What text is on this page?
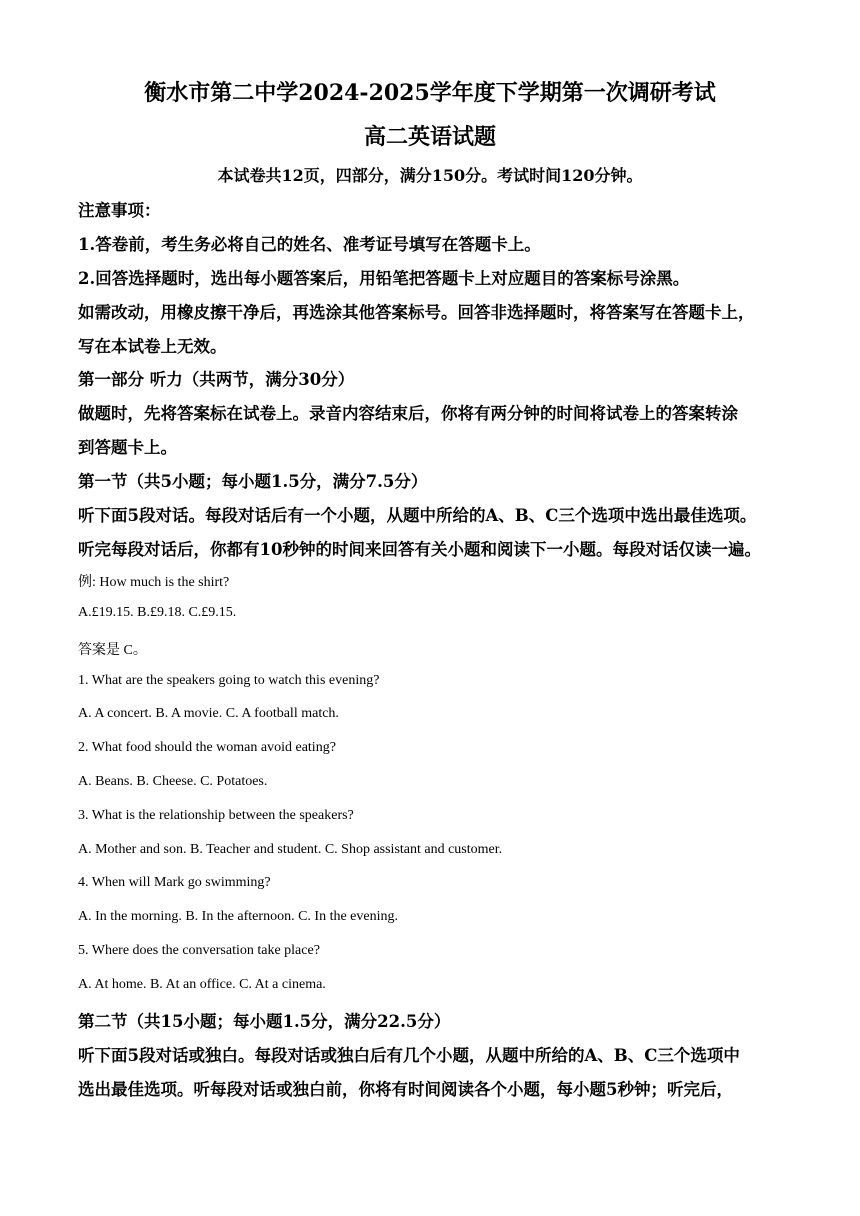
衡水市第二中学2024-2025学年度下学期第一次调研考试
高二英语试题
本试卷共12页，四部分，满分150分。考试时间120分钟。
注意事项：
1.答卷前，考生务必将自己的姓名、准考证号填写在答题卡上。
2.回答选择题时，选出每小题答案后，用铅笔把答题卡上对应题目的答案标号涂黑。
如需改动，用橡皮擦干净后，再选涂其他答案标号。回答非选择题时，将答案写在答题卡上，
写在本试卷上无效。
第一部分 听力（共两节，满分30分）
做题时，先将答案标在试卷上。录音内容结束后，你将有两分钟的时间将试卷上的答案转涂
到答题卡上。
第一节（共5小题；每小题1.5分，满分7.5分）
听下面5段对话。每段对话后有一个小题，从题中所给的A、B、C三个选项中选出最佳选项。
听完每段对话后，你都有10秒钟的时间来回答有关小题和阅读下一小题。每段对话仅读一遍。
例: How much is the shirt?
A.£19.15. B.£9.18. C.£9.15.
答案是 C。
1. What are the speakers going to watch this evening?
A. A concert. B. A movie. C. A football match.
2. What food should the woman avoid eating?
A. Beans. B. Cheese. C. Potatoes.
3. What is the relationship between the speakers?
A. Mother and son. B. Teacher and student. C. Shop assistant and customer.
4. When will Mark go swimming?
A. In the morning. B. In the afternoon. C. In the evening.
5. Where does the conversation take place?
A. At home. B. At an office. C. At a cinema.
第二节（共15小题；每小题1.5分，满分22.5分）
听下面5段对话或独白。每段对话或独白后有几个小题，从题中所给的A、B、C三个选项中
选出最佳选项。听每段对话或独白前，你将有时间阅读各个小题，每小题5秒钟；听完后，
